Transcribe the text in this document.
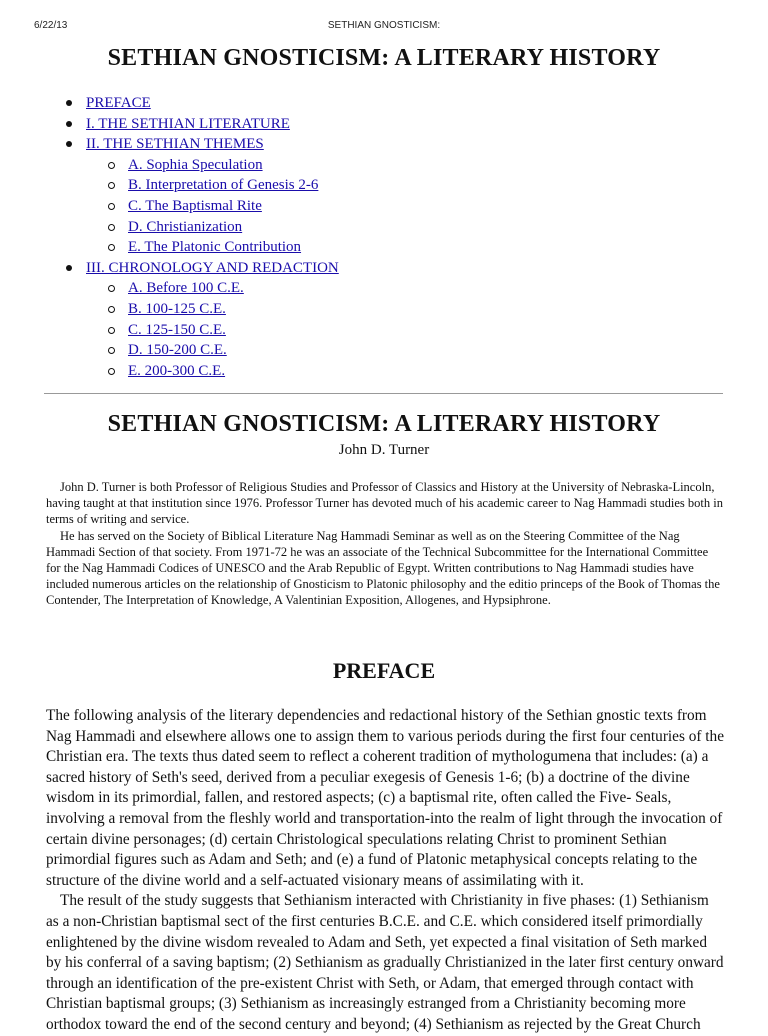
6/22/13	SETHIAN GNOSTICISM:
SETHIAN GNOSTICISM: A LITERARY HISTORY
PREFACE
I. THE SETHIAN LITERATURE
II. THE SETHIAN THEMES
A. Sophia Speculation
B. Interpretation of Genesis 2-6
C. The Baptismal Rite
D. Christianization
E. The Platonic Contribution
III. CHRONOLOGY AND REDACTION
A. Before 100 C.E.
B. 100-125 C.E.
C. 125-150 C.E.
D. 150-200 C.E.
E. 200-300 C.E.
SETHIAN GNOSTICISM: A LITERARY HISTORY
John D. Turner

John D. Turner is both Professor of Religious Studies and Professor of Classics and History at the University of Nebraska-Lincoln, having taught at that institution since 1976. Professor Turner has devoted much of his academic career to Nag Hammadi studies both in terms of writing and service.

He has served on the Society of Biblical Literature Nag Hammadi Seminar as well as on the Steering Committee of the Nag Hammadi Section of that society. From 1971-72 he was an associate of the Technical Subcommittee for the International Committee for the Nag Hammadi Codices of UNESCO and the Arab Republic of Egypt. Written contributions to Nag Hammadi studies have included numerous articles on the relationship of Gnosticism to Platonic philosophy and the editio princeps of the Book of Thomas the Contender, The Interpretation of Knowledge, A Valentinian Exposition, Allogenes, and Hypsiphrone.

PREFACE

The following analysis of the literary dependencies and redactional history of the Sethian gnostic texts from Nag Hammadi and elsewhere allows one to assign them to various periods during the first four centuries of the Christian era. The texts thus dated seem to reflect a coherent tradition of mythologumena that includes: (a) a sacred history of Seth's seed, derived from a peculiar exegesis of Genesis 1-6; (b) a doctrine of the divine wisdom in its primordial, fallen, and restored aspects; (c) a baptismal rite, often called the Five- Seals, involving a removal from the fleshly world and transportation-into the realm of light through the invocation of certain divine personages; (d) certain Christological speculations relating Christ to prominent Sethian primordial figures such as Adam and Seth; and (e) a fund of Platonic metaphysical concepts relating to the structure of the divine world and a self-actuated visionary means of assimilating with it.

The result of the study suggests that Sethianism interacted with Christianity in five phases: (1) Sethianism as a non-Christian baptismal sect of the first centuries B.C.E. and C.E. which considered itself primordially enlightened by the divine wisdom revealed to Adam and Seth, yet expected a final visitation of Seth marked by his conferral of a saving baptism; (2) Sethianism as gradually Christianized in the later first century onward through an identification of the pre-existent Christ with Seth, or Adam, that emerged through contact with Christian baptismal groups; (3) Sethianism as increasingly estranged from a Christianity becoming more orthodox toward the end of the second century and beyond; (4) Sethianism as rejected by the Great Church
